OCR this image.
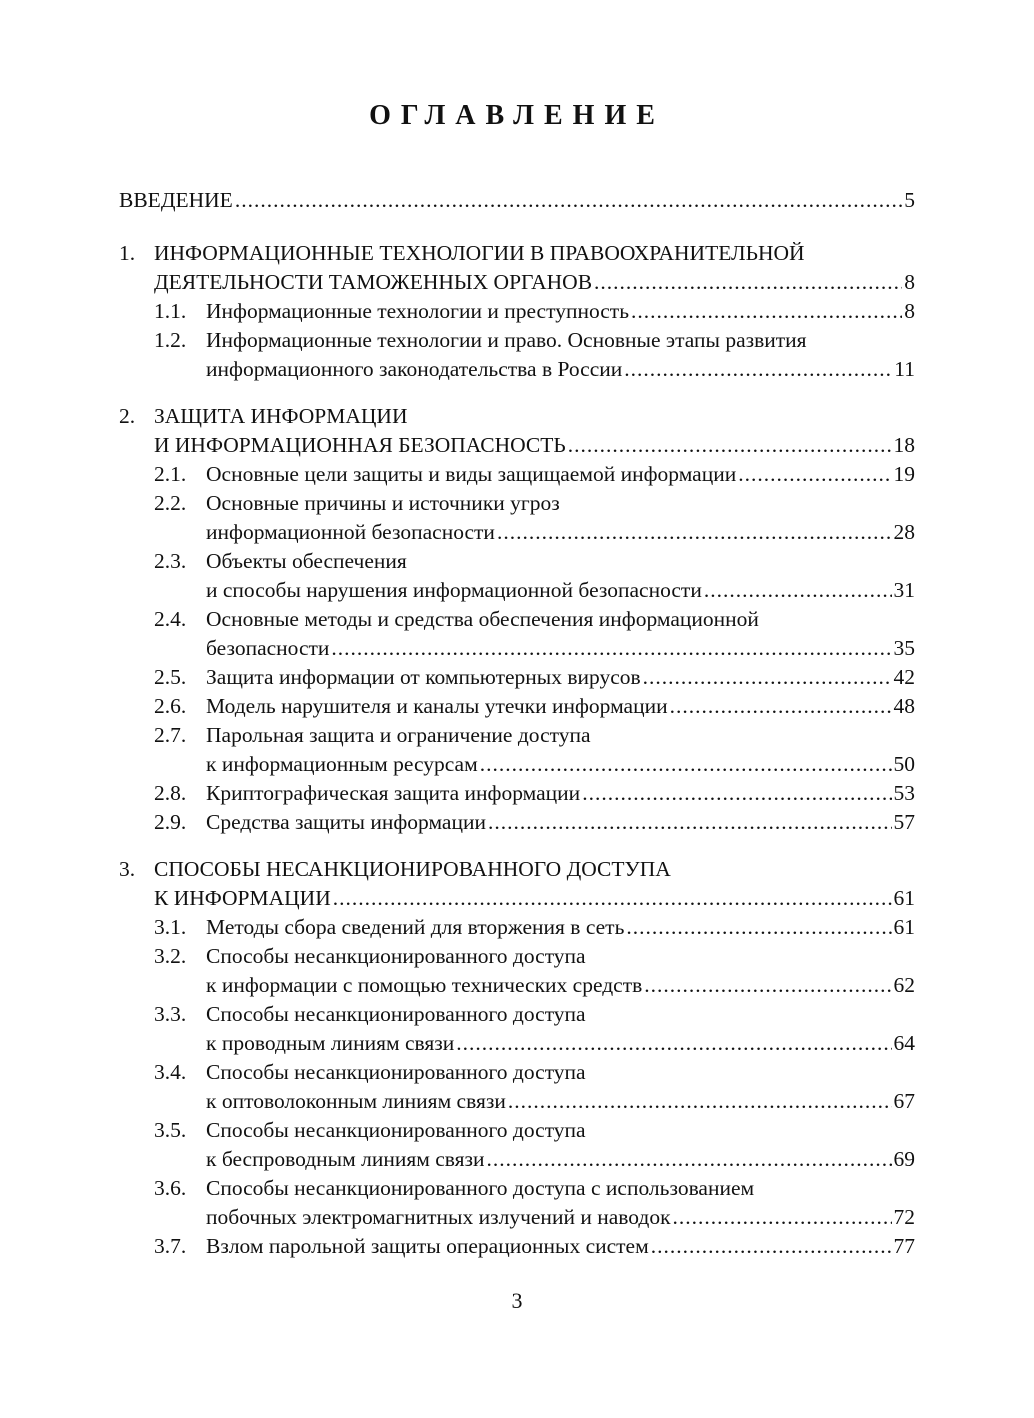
ОГЛАВЛЕНИЕ
ВВЕДЕНИЕ .....	5
1. ИНФОРМАЦИОННЫЕ ТЕХНОЛОГИИ В ПРАВООХРАНИТЕЛЬНОЙ
ДЕЯТЕЛЬНОСТИ ТАМОЖЕННЫХ ОРГАНОВ .....	8
1.1. Информационные технологии и преступность .....	8
1.2. Информационные технологии и право. Основные этапы развития
информационного законодательства в России .....	11
2. ЗАЩИТА ИНФОРМАЦИИ
И ИНФОРМАЦИОННАЯ БЕЗОПАСНОСТЬ .....	18
2.1. Основные цели защиты и виды защищаемой информации .....	19
2.2. Основные причины и источники угроз
информационной безопасности .....	28
2.3. Объекты обеспечения
и способы нарушения информационной безопасности .....	31
2.4. Основные методы и средства обеспечения информационной
безопасности .....	35
2.5. Защита информации от компьютерных вирусов .....	42
2.6. Модель нарушителя и каналы утечки информации .....	48
2.7. Парольная защита и ограничение доступа
к информационным ресурсам .....	50
2.8. Криптографическая защита информации .....	53
2.9. Средства защиты информации .....	57
3. СПОСОБЫ НЕСАНКЦИОНИРОВАННОГО ДОСТУПА
К ИНФОРМАЦИИ .....	61
3.1. Методы сбора сведений для вторжения в сеть .....	61
3.2. Способы несанкционированного доступа
к информации с помощью технических средств .....	62
3.3. Способы несанкционированного доступа
к проводным линиям связи .....	64
3.4. Способы несанкционированного доступа
к оптоволоконным линиям связи .....	67
3.5. Способы несанкционированного доступа
к беспроводным линиям связи .....	69
3.6. Способы несанкционированного доступа с использованием
побочных электромагнитных излучений и наводок .....	72
3.7. Взлом парольной защиты операционных систем .....	77

3
